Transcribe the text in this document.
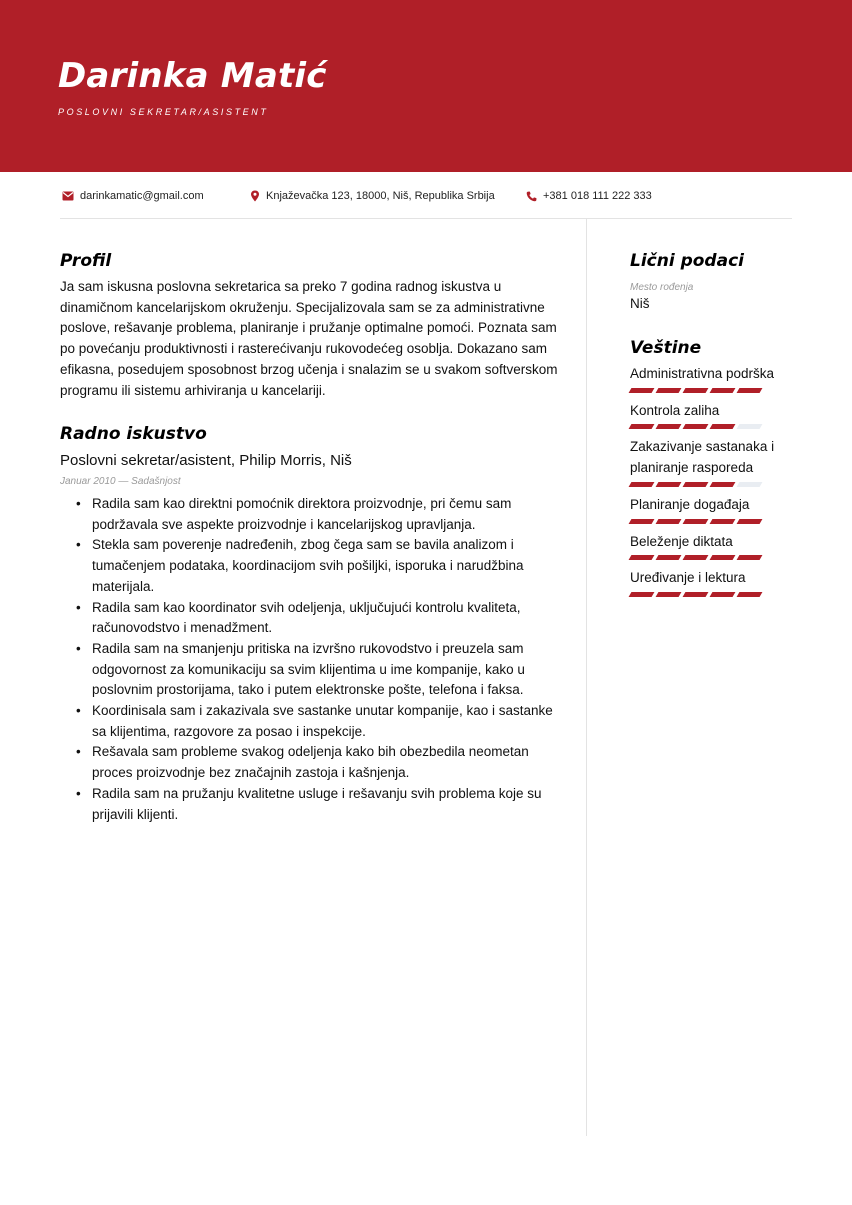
Darinka Matić
POSLOVNI SEKRETAR/ASISTENT
darinkamatic@gmail.com	Knjaževačka 123, 18000, Niš, Republika Srbija	+381 018 111 222 333
Profil
Ja sam iskusna poslovna sekretarica sa preko 7 godina radnog iskustva u dinamičnom kancelarijskom okruženju. Specijalizovala sam se za administrativne poslove, rešavanje problema, planiranje i pružanje optimalne pomoći. Poznata sam po povećanju produktivnosti i rasterećivanju rukovodećeg osoblja. Dokazano sam efikasna, posedujem sposobnost brzog učenja i snalazim se u svakom softverskom programu ili sistemu arhiviranja u kancelariji.
Radno iskustvo
Poslovni sekretar/asistent, Philip Morris, Niš
Januar 2010 — Sadašnjost
• Radila sam kao direktni pomoćnik direktora proizvodnje, pri čemu sam podržavala sve aspekte proizvodnje i kancelarijskog upravljanja.
• Stekla sam poverenje nadređenih, zbog čega sam se bavila analizom i tumačenjem podataka, koordinacijom svih pošiljki, isporuka i narudžbina materijala.
• Radila sam kao koordinator svih odeljenja, uključujući kontrolu kvaliteta, računovodstvo i menadžment.
• Radila sam na smanjenju pritiska na izvršno rukovodstvo i preuzela sam odgovornost za komunikaciju sa svim klijentima u ime kompanije, kako u poslovnim prostorijama, tako i putem elektronske pošte, telefona i faksa.
• Koordinisala sam i zakazivala sve sastanke unutar kompanije, kao i sastanke sa klijentima, razgovore za posao i inspekcije.
• Rešavala sam probleme svakog odeljenja kako bih obezbedila neometan proces proizvodnje bez značajnih zastoja i kašnjenja.
• Radila sam na pružanju kvalitetne usluge i rešavanju svih problema koje su prijavili klijenti.
Lični podaci
Mesto rođenja
Niš
Veštine
Administrativna podrška
Kontrola zaliha
Zakazivanje sastanaka i planiranje rasporeda
Planiranje događaja
Beleženje diktata
Uređivanje i lektura
